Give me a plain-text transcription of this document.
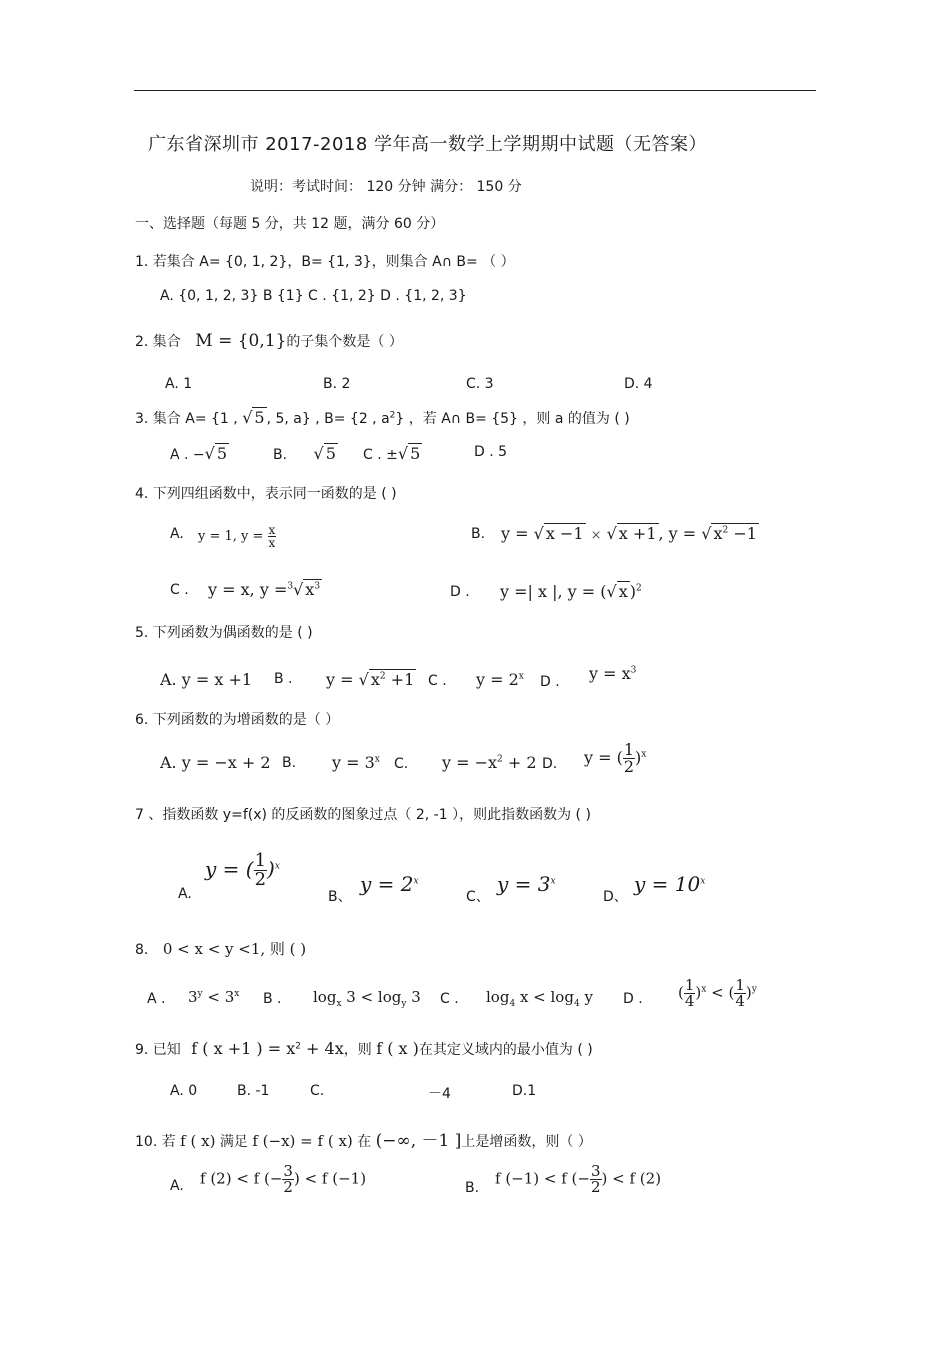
广东省深圳市 2017-2018 学年高一数学上学期期中试题（无答案）
说明：考试时间： 120 分钟 满分： 150 分
一、选择题（每题 5 分，共 12 题，满分 60 分）
1. 若集合 A= {0, 1, 2}，B= {1, 3}，则集合 A∩ B= （ ）
A. {0, 1, 2, 3} B {1} C . {1, 2} D . {1, 2, 3}
2. 集合 M = {0,1}的子集个数是（ ）
A. 1	B. 2	C. 3	D. 4
3. 集合 A= {1 , √ 5 , 5, a} , B= {2 , $a^2$} ，若 A∩ B= {5} ，则 a 的值为 ( )
A . −√ 5	B. √ 5 C . ±√ 5	D . 5
4. 下列四组函数中，表示同一函数的是 ( )
A. y = 1, $y = \frac{x}{x}$	B. y = √ x −1 × √ x +1 , y = √ $x^2 -1$
C . y = x, y =$^3$√ $x^3$	D . y =| x |, y = (√ x )$^2$
5. 下列函数为偶函数的是 ( )
A. y = x +1 B . y = √ $x^2 +1$ C . $y = 2^x$ D . $y = x^3$
6. 下列函数的为增函数的是（ ）
A. y = −x + 2 B. $y = 3^x$ C. $y = -x^2 + 2$ D. y = ( $\frac{1}{2} )^x$
7 、指数函数 y=f(x) 的反函数的图象过点（ 2, -1 ），则此指数函数为 ( )
A.
y = ( $\frac{1}{2} )^x$
B、
$y = 2^x$
C、
$y = 3^x$
D、
$y = 10^x$
8. 0 < x < y <1, 则 ( )
A . $3^y < 3^x$ B . $\log_x 3 < \log_y 3$ C . $\log_4 x < \log_4 y$ D . ( $\frac{1}{4} )^x$ < ( $\frac{1}{4} )^y$
9. 已知 f ( x +1 ) = $x^2 + 4x$，则 f ( x )在其定义域内的最小值为 ( )
A. 0	B. -1	C.	－4	D.1
10. 若 f ( x) 满足 f (−x) = f ( x) 在 (−∞, －1 ]上是增函数，则（ ）
A. f (2) < f (− $\frac{3}{2}$ ) < f (−1)
B.
f (−1) < f (− $\frac{3}{2}$ ) < f (2)
